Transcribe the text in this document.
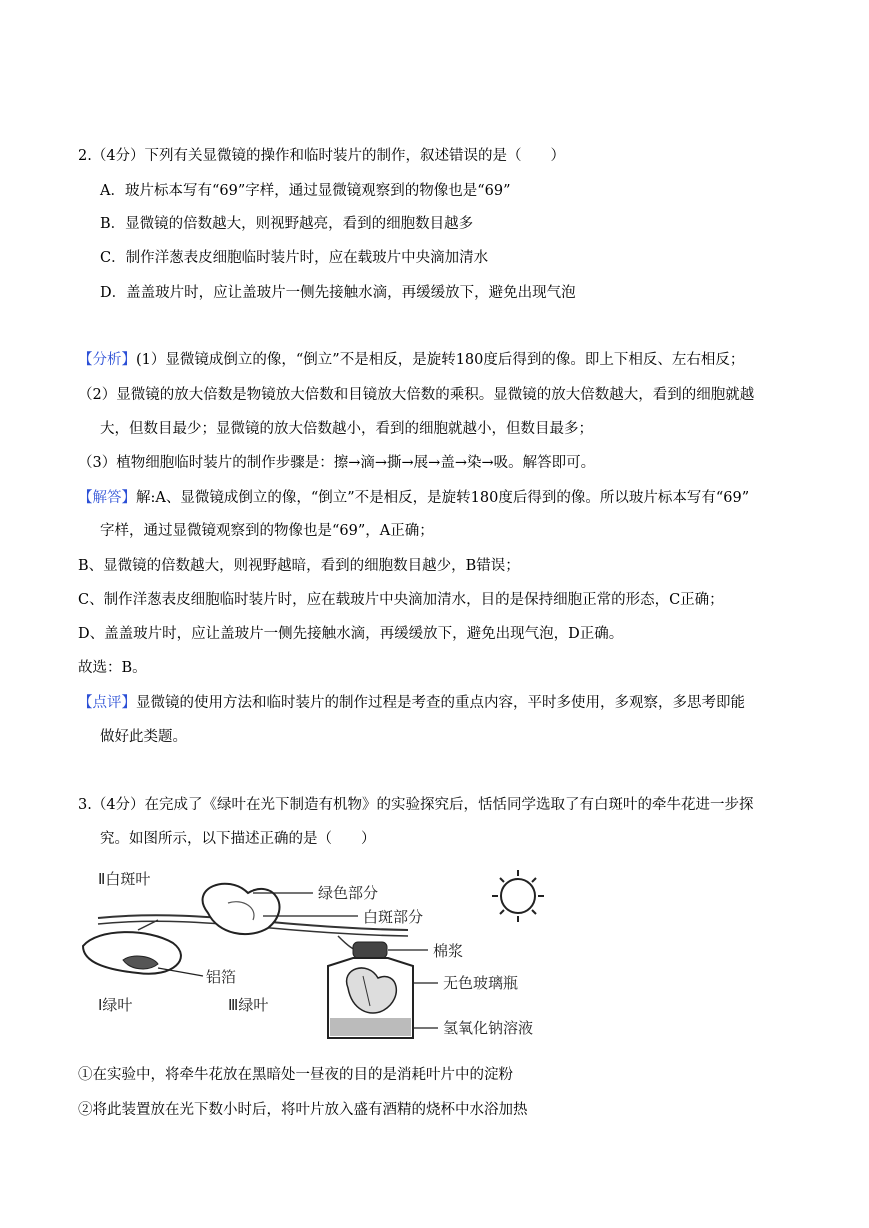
2.（4分）下列有关显微镜的操作和临时装片的制作，叙述错误的是（　　）
A．玻片标本写有“69”字样，通过显微镜观察到的物像也是“69”
B．显微镜的倍数越大，则视野越亮，看到的细胞数目越多
C．制作洋葱表皮细胞临时装片时，应在载玻片中央滴加清水
D．盖盖玻片时，应让盖玻片一侧先接触水滴，再缓缓放下，避免出现气泡
【分析】(1）显微镜成倒立的像，“倒立”不是相反，是旋转180度后得到的像。即上下相反、左右相反；
（2）显微镜的放大倍数是物镜放大倍数和目镜放大倍数的乘积。显微镜的放大倍数越大，看到的细胞就越
大，但数目最少；显微镜的放大倍数越小，看到的细胞就越小，但数目最多；
（3）植物细胞临时装片的制作步骤是：擦→滴→撕→展→盖→染→吸。解答即可。
【解答】解:A、显微镜成倒立的像，“倒立”不是相反，是旋转180度后得到的像。所以玻片标本写有“69”
字样，通过显微镜观察到的物像也是“69”，A正确；
B、显微镜的倍数越大，则视野越暗，看到的细胞数目越少，B错误；
C、制作洋葱表皮细胞临时装片时，应在载玻片中央滴加清水，目的是保持细胞正常的形态，C正确；
D、盖盖玻片时，应让盖玻片一侧先接触水滴，再缓缓放下，避免出现气泡，D正确。
故选：B。
【点评】显微镜的使用方法和临时装片的制作过程是考查的重点内容，平时多使用，多观察，多思考即能
做好此类题。
3.（4分）在完成了《绿叶在光下制造有机物》的实验探究后，恬恬同学选取了有白斑叶的牵牛花进一步探
究。如图所示，以下描述正确的是（　　）
Ⅱ白斑叶
绿色部分
白斑部分
棉浆
无色玻璃瓶
铝箔
Ⅰ绿叶	Ⅲ绿叶
氢氧化钠溶液
①在实验中，将牵牛花放在黑暗处一昼夜的目的是消耗叶片中的淀粉
②将此装置放在光下数小时后，将叶片放入盛有酒精的烧杯中水浴加热
